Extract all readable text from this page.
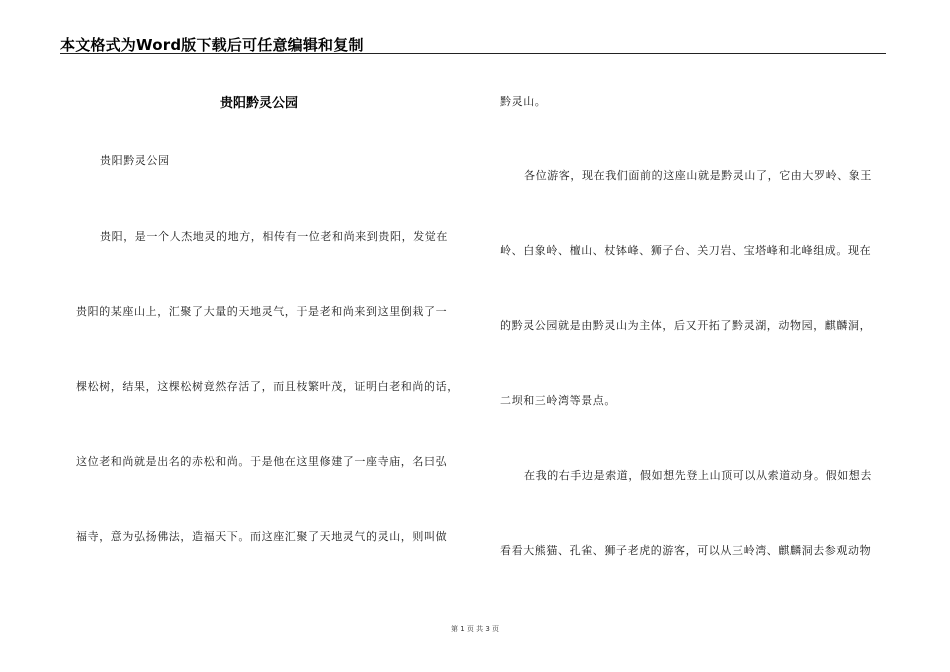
本文格式为Word版下载后可任意编辑和复制
贵阳黔灵公园
贵阳黔灵公园
贵阳，是一个人杰地灵的地方，相传有一位老和尚来到贵阳，发觉在
贵阳的某座山上，汇聚了大量的天地灵气，于是老和尚来到这里倒栽了一
棵松树，结果，这棵松树竟然存活了，而且枝繁叶茂，证明白老和尚的话，
这位老和尚就是出名的赤松和尚。于是他在这里修建了一座寺庙，名曰弘
福寺，意为弘扬佛法，造福天下。而这座汇聚了天地灵气的灵山，则叫做
黔灵山。
各位游客，现在我们面前的这座山就是黔灵山了，它由大罗岭、象王
岭、白象岭、檀山、杖钵峰、狮子台、关刀岩、宝塔峰和北峰组成。现在
的黔灵公园就是由黔灵山为主体，后又开拓了黔灵湖，动物园，麒麟洞，
二坝和三岭湾等景点。
在我的右手边是索道，假如想先登上山顶可以从索道动身。假如想去
看看大熊猫、孔雀、狮子老虎的游客，可以从三岭湾、麒麟洞去参观动物
第 1 页 共 3 页
